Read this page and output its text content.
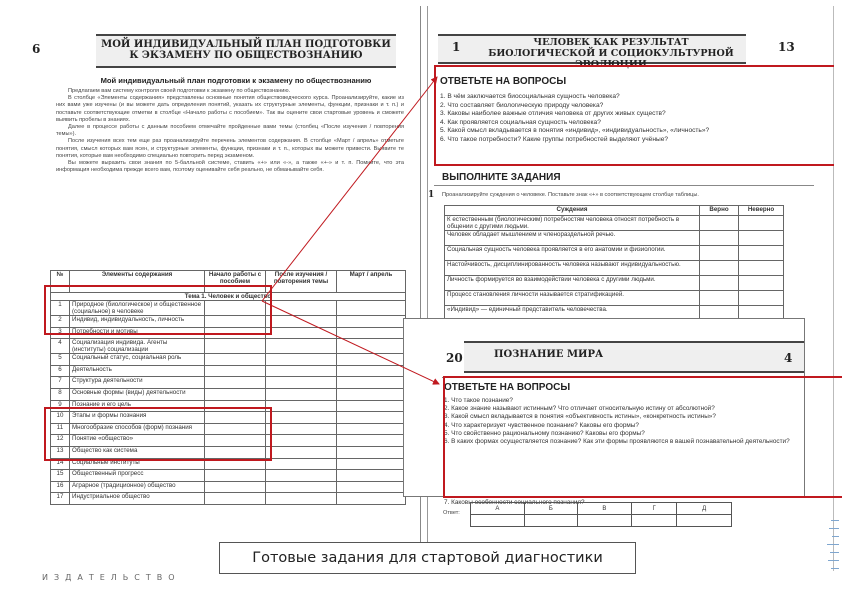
6	МОЙ ИНДИВИДУАЛЬНЫЙ ПЛАН ПОДГОТОВКИ К ЭКЗАМЕНУ ПО ОБЩЕСТВОЗНАНИЮ
Мой индивидуальный план подготовки к экзамену по обществознанию

Предлагаем вам систему контроля своей подготовки к экзамену по обществознанию.

В столбце «Элементы содержания» представлены основные понятия обществоведческого курса. Проанализируйте, какие из них вами уже изучены (и вы можете дать определения понятий, указать их структурные элементы, функции, признаки и т. п.) и поставьте соответствующие отметки в столбце «Начало работы с пособием». Так вы оцените свои стартовые уровень и сможете выявить пробелы в знаниях.

Далее в процессе работы с данным пособием отмечайте пройденные вами темы (столбец «После изучения / повторения темы»).

После изучения всех тем еще раз проанализируйте перечень элементов содержания. В столбце «Март / апрель» отметьте понятия, смысл которых вам ясен, и структурные элементы, функции, признаки и т. п., которых вы можете привести. Выявите те понятия, которые вам необходимо специально повторить перед экзаменом.

Вы можете выразить свои знания по 5-балльной системе, ставить «+» или «-», а также «+-» и т. п. Помните, что эта информация необходима прежде всего вам, поэтому оценивайте себя реально, не обманывайте себя.

№	Элементы содержания	Начало работы с пособием	После изучения / повторения темы	Март / апрель
Тема 1. Человек и общество				
1	Природное (биологическое) и общественное (социальное) в человеке			
2	Индивид, индивидуальность, личность			
3	Потребности и мотивы			
4	Социализация индивида. Агенты (институты) социализации			
5	Социальный статус, социальная роль			
6	Деятельность			
7	Структура деятельности			
8	Основные формы (виды) деятельности			
9	Познание и его цель			
10	Этапы и формы познания			
11	Многообразие способов (форм) познания			
12	Понятие «общество»			
13	Общество как система			
14	Социальные институты			
15	Общественный прогресс			
16	Аграрное (традиционное) общество			
17	Индустриальное общество			
1	ЧЕЛОВЕК КАК РЕЗУЛЬТАТ БИОЛОГИЧЕСКОЙ И СОЦИОКУЛЬТУРНОЙ ЭВОЛЮЦИИ
13
ОТВЕТЬТЕ НА ВОПРОСЫ
1. В чём заключается биосоциальная сущность человека?
2. Что составляет биологическую природу человека?
3. Каковы наиболее важные отличия человека от других живых существ?
4. Как проявляется социальная сущность человека?
5. Какой смысл вкладывается в понятия «индивид», «индивидуальность», «личность»?
6. Что такое потребности? Какие группы потребностей выделяют учёные?
ВЫПОЛНИТЕ ЗАДАНИЯ
1 Проанализируйте суждения о человеке. Поставьте знак «+» в соответствующем столбце таблицы.
Суждения	Верно	Неверно
К естественным (биологическим) потребностям человека относят потребность в общении с другими людьми.		
Человек обладает мышлением и членораздельной речью.		
Социальная сущность человека проявляется в его анатомии и физиологии.		
Настойчивость, дисциплинированность человека называют индивидуальностью.		
Личность формируется во взаимодействии человека с другими людьми.		
Процесс становления личности называется стратификацией.		
«Индивид» — единичный представитель человечества.		
20	ПОЗНАНИЕ МИРА	4
ОТВЕТЬТЕ НА ВОПРОСЫ
1. Что такое познание?
2. Какое знание называют истинным? Что отличает относительную истину от абсолютной?
3. Какой смысл вкладывается в понятия «объективность истины», «конкретность истины»?
4. Что характеризует чувственное познание? Каковы его формы?
5. Что свойственно рациональному познанию? Каковы его формы?
6. В каких формах осуществляется познание? Как эти формы проявляются в вашей познавательной деятельности?
7. Каковы особенности социального познания?
Ответ:
А	Б	В	Г	Д

Готовые задания для стартовой диагностики
ИЗДАТЕЛЬСТВО
